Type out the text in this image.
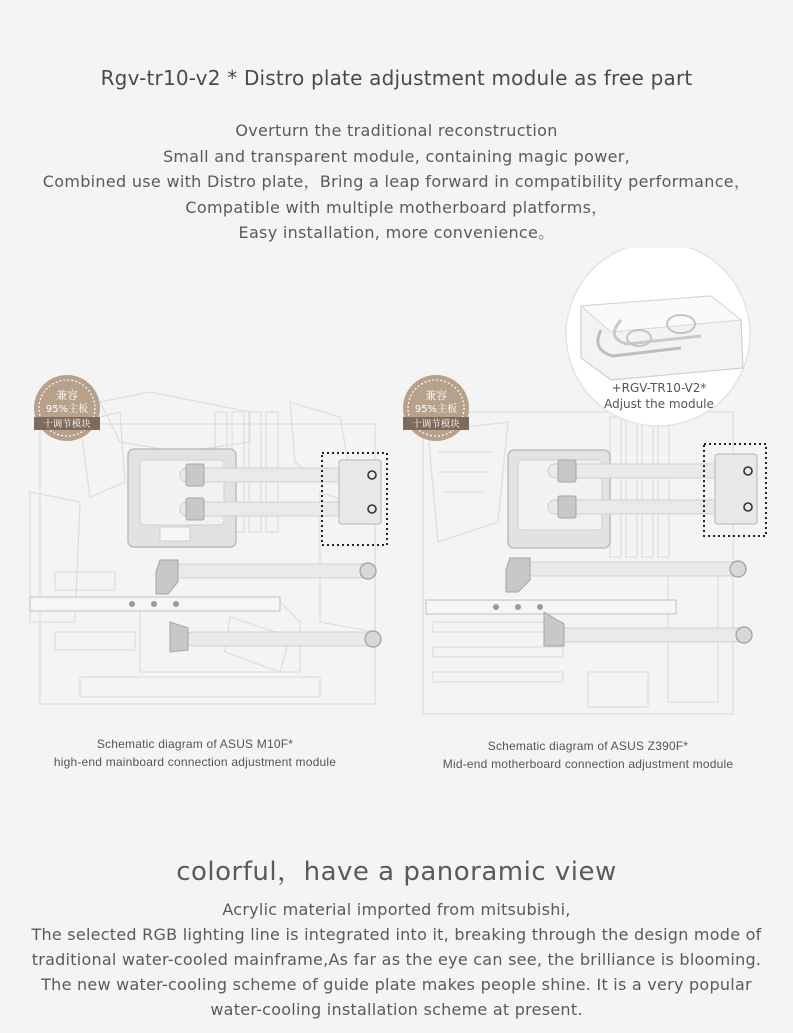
Rgv-tr10-v2 * Distro plate adjustment module as free part
Overturn the traditional reconstruction
Small and transparent module, containing magic power,
Combined use with Distro plate，Bring a leap forward in compatibility performance，
Compatible with multiple motherboard platforms，
Easy installation, more convenience。
兼容
95%主板
十调节模块
兼容
95%主板
十调节模块
+RGV-TR10-V2*
Adjust the module
Schematic diagram of ASUS M10F*
high-end mainboard connection adjustment module
Schematic diagram of ASUS Z390F*
Mid-end motherboard connection adjustment module
colorful，have a panoramic view
Acrylic material imported from mitsubishi,
The selected RGB lighting line is integrated into it, breaking through the design mode of
traditional water-cooled mainframe,As far as the eye can see, the brilliance is blooming.
The new water-cooling scheme of guide plate makes people shine. It is a very popular
water-cooling installation scheme at present.
